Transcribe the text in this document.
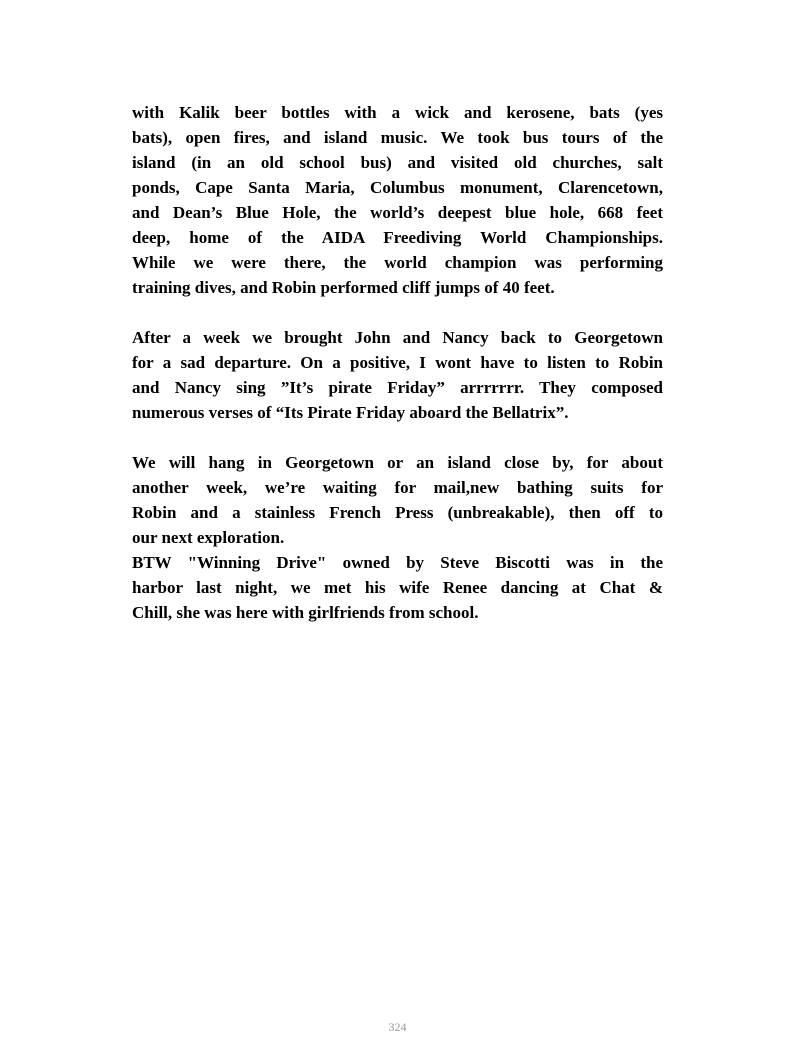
with Kalik beer bottles with a wick and kerosene, bats (yes
bats), open fires, and island music. We took bus tours of the
island (in an old school bus) and visited old churches, salt
ponds, Cape Santa Maria, Columbus monument, Clarencetown,
and Dean’s Blue Hole, the world’s deepest blue hole, 668 feet
deep, home of the AIDA Freediving World Championships.
While we were there, the world champion was performing
training dives, and Robin performed cliff jumps of 40 feet.
After a week we brought John and Nancy back to Georgetown
for a sad departure. On a positive, I wont have to listen to Robin
and Nancy sing ”It’s pirate Friday” arrrrrrr. They composed
numerous verses of “Its Pirate Friday aboard the Bellatrix”.
We will hang in Georgetown or an island close by, for about
another week, we’re waiting for mail,new bathing suits for
Robin and a stainless French Press (unbreakable), then off to
our next exploration.
BTW "Winning Drive" owned by Steve Biscotti was in the
harbor last night, we met his wife Renee dancing at Chat &
Chill, she was here with girlfriends from school.
324
